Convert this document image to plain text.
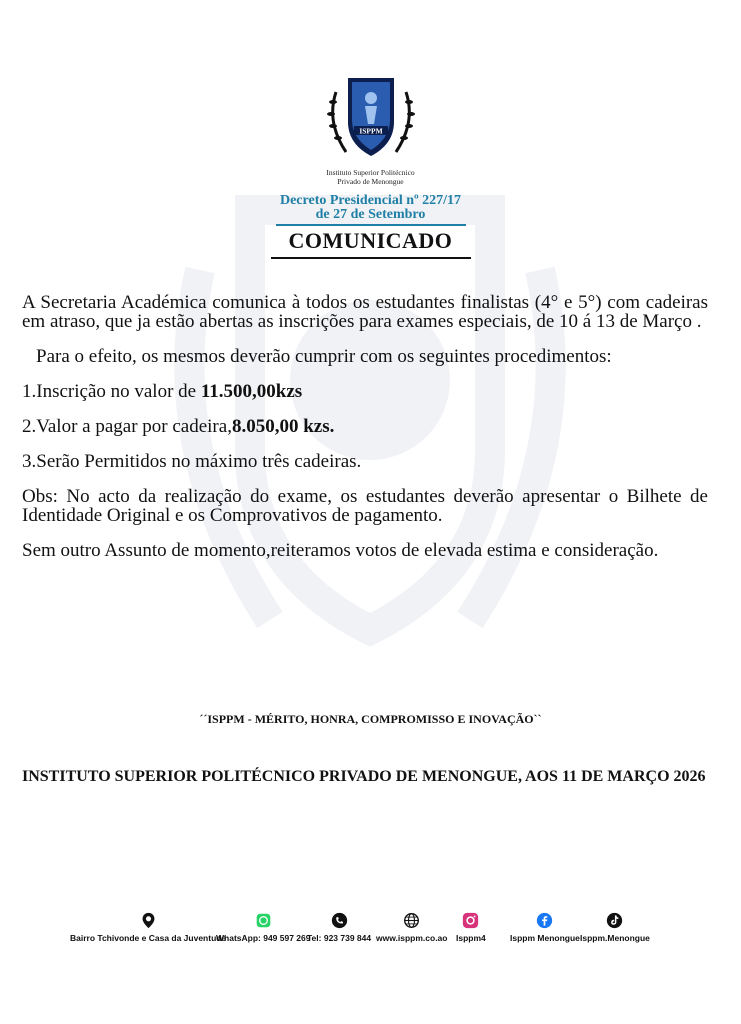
ISPPM
Instituto Superior Politécnico
Privado de Menongue
Decreto Presidencial nº 227/17
de 27 de Setembro
COMUNICADO

A Secretaria Académica comunica à todos os estudantes finalistas (4° e 5°) com cadeiras em atraso, que ja estão abertas as inscrições para exames especiais, de 10 á 13 de Março .

Para o efeito, os mesmos deverão cumprir com os seguintes procedimentos:

1.Inscrição no valor de 11.500,00kzs

2.Valor a pagar por cadeira,8.050,00 kzs.

3.Serão Permitidos no máximo três cadeiras.

Obs: No acto da realização do exame, os estudantes deverão apresentar o Bilhete de Identidade Original e os Comprovativos de pagamento.

Sem outro Assunto de momento,reiteramos votos de elevada estima e consideração.

´´ISPPM - MÉRITO, HONRA, COMPROMISSO E INOVAÇÃO``
INSTITUTO SUPERIOR POLITÉCNICO PRIVADO DE MENONGUE, AOS 11 DE MARÇO 2026
Bairro Tchivonde e Casa da Juventude
WhatsApp: 949 597 269
Tel: 923 739 844 www.isppm.co.ao Isppm4	Isppm Menongue Isppm.Menongue
